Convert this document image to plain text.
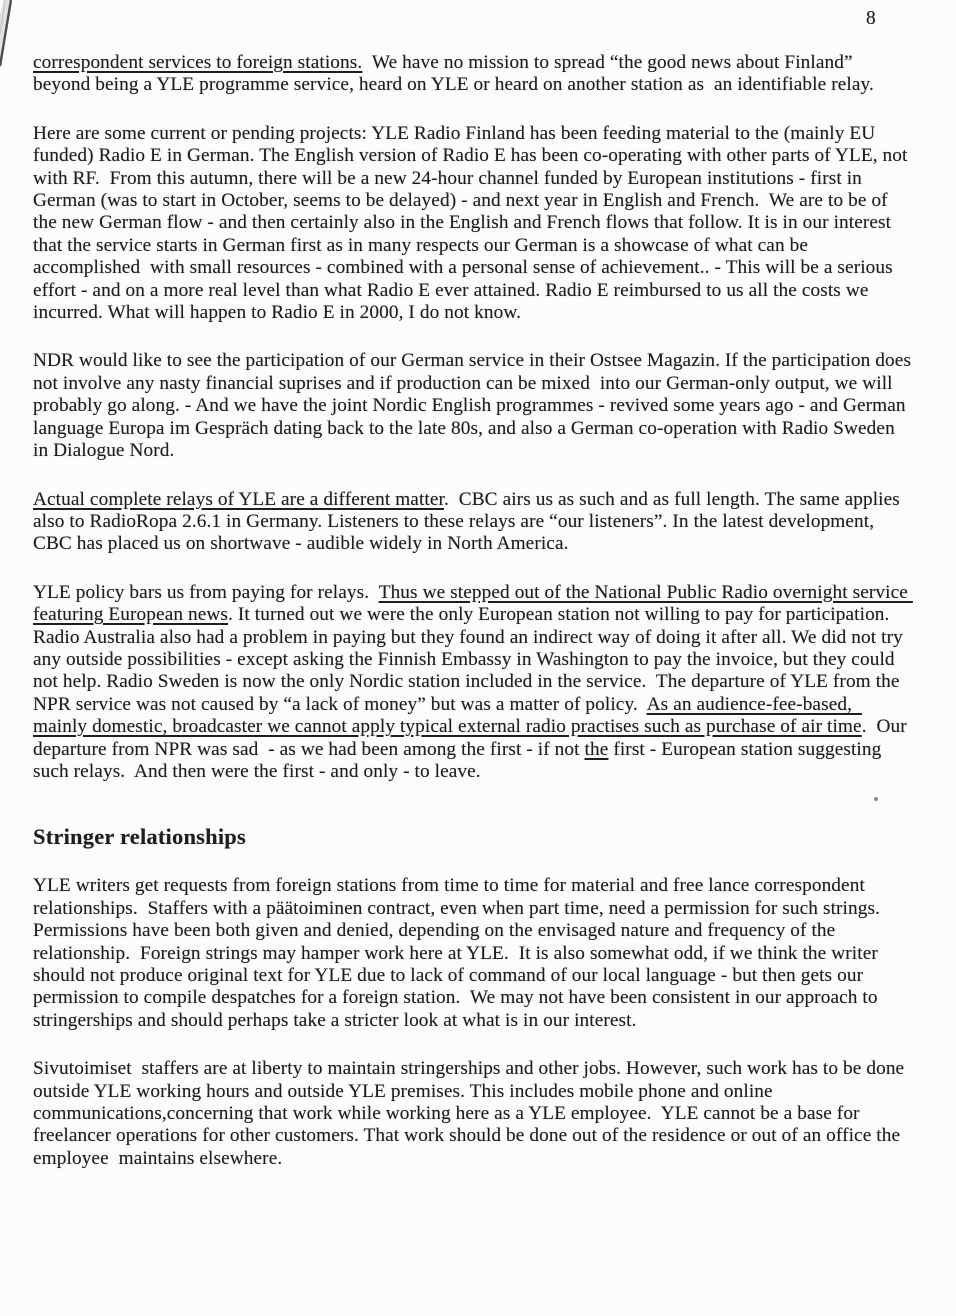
8

correspondent services to foreign stations.  We have no mission to spread “the good news about Finland” beyond being a YLE programme service, heard on YLE or heard on another station as  an identifiable relay.

Here are some current or pending projects: YLE Radio Finland has been feeding material to the (mainly EU funded) Radio E in German. The English version of Radio E has been co-operating with other parts of YLE, not with RF.  From this autumn, there will be a new 24-hour channel funded by European institutions - first in German (was to start in October, seems to be delayed) - and next year in English and French.  We are to be of the new German flow - and then certainly also in the English and French flows that follow. It is in our interest that the service starts in German first as in many respects our German is a showcase of what can be accomplished  with small resources - combined with a personal sense of achievement.. - This will be a serious effort - and on a more real level than what Radio E ever attained. Radio E reimbursed to us all the costs we incurred. What will happen to Radio E in 2000, I do not know.

NDR would like to see the participation of our German service in their Ostsee Magazin. If the participation does not involve any nasty financial suprises and if production can be mixed  into our German-only output, we will probably go along. - And we have the joint Nordic English programmes - revived some years ago - and German language Europa im Gespräch dating back to the late 80s, and also a German co-operation with Radio Sweden in Dialogue Nord.

Actual complete relays of YLE are a different matter.  CBC airs us as such and as full length. The same applies also to RadioRopa 2.6.1 in Germany. Listeners to these relays are “our listeners”. In the latest development, CBC has placed us on shortwave - audible widely in North America.

YLE policy bars us from paying for relays.  Thus we stepped out of the National Public Radio overnight service featuring European news. It turned out we were the only European station not willing to pay for participation.  Radio Australia also had a problem in paying but they found an indirect way of doing it after all. We did not try any outside possibilities - except asking the Finnish Embassy in Washington to pay the invoice, but they could not help. Radio Sweden is now the only Nordic station included in the service.  The departure of YLE from the NPR service was not caused by “a lack of money” but was a matter of policy.  As an audience-fee-based,  mainly domestic, broadcaster we cannot apply typical external radio practises such as purchase of air time.  Our departure from NPR was sad  - as we had been among the first - if not the first - European station suggesting such relays.  And then were the first - and only - to leave.

Stringer relationships

YLE writers get requests from foreign stations from time to time for material and free lance correspondent relationships.  Staffers with a päätoiminen contract, even when part time, need a permission for such strings.  Permissions have been both given and denied, depending on the envisaged nature and frequency of the relationship.  Foreign strings may hamper work here at YLE.  It is also somewhat odd, if we think the writer should not produce original text for YLE due to lack of command of our local language - but then gets our permission to compile despatches for a foreign station.  We may not have been consistent in our approach to stringerships and should perhaps take a stricter look at what is in our interest.

Sivutoimiset  staffers are at liberty to maintain stringerships and other jobs. However, such work has to be done outside YLE working hours and outside YLE premises. This includes mobile phone and online communications,concerning that work while working here as a YLE employee.  YLE cannot be a base for freelancer operations for other customers. That work should be done out of the residence or out of an office the employee  maintains elsewhere.
